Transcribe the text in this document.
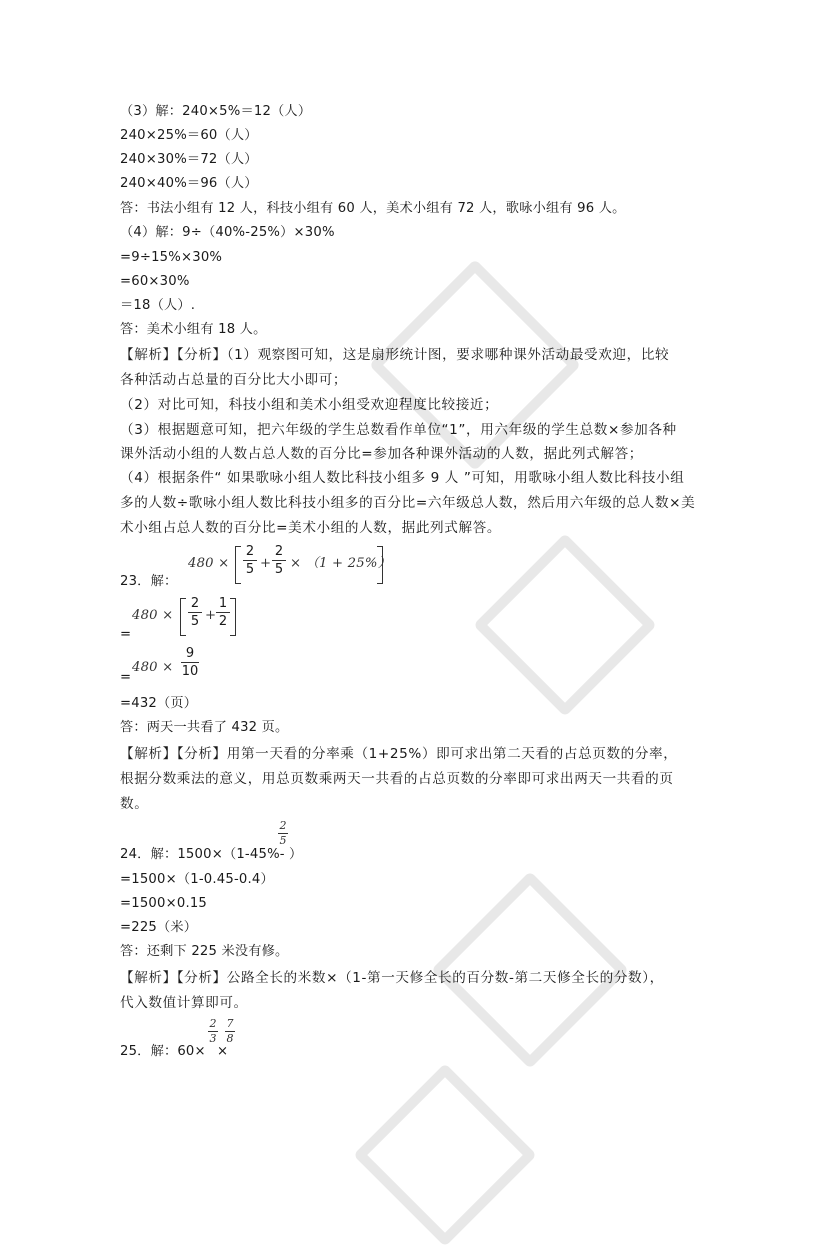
（3）解：240×5%＝12（人）
240×25%＝60（人）
240×30%＝72（人）
240×40%＝96（人）
答：书法小组有 12 人，科技小组有 60 人，美术小组有 72 人，歌咏小组有 96 人。
（4）解：9÷（40%-25%）×30%
=9÷15%×30%
=60×30%
＝18（人）.
答：美术小组有 18 人。
【解析】【分析】（1）观察图可知，这是扇形统计图，要求哪种课外活动最受欢迎，比较
各种活动占总量的百分比大小即可；
（2）对比可知，科技小组和美术小组受欢迎程度比较接近；
（3）根据题意可知，把六年级的学生总数看作单位“1”，用六年级的学生总数×参加各种
课外活动小组的人数占总人数的百分比=参加各种课外活动的人数，据此列式解答；
（4）根据条件“ 如果歌咏小组人数比科技小组多 9 人 ”可知，用歌咏小组人数比科技小组
多的人数÷歌咏小组人数比科技小组多的百分比=六年级总人数，然后用六年级的总人数×美
术小组占总人数的百分比=美术小组的人数，据此列式解答。
23．解：
480 ×
2
5 +
2
5 × （1 + 25%）
=
480 ×
2
5 +
1
2
=
480 ×
9
10
=432（页）
答：两天一共看了 432 页。
【解析】【分析】用第一天看的分率乘（1+25%）即可求出第二天看的占总页数的分率，
根据分数乘法的意义，用总页数乘两天一共看的占总页数的分率即可求出两天一共看的页
数。
24．解：1500×（1-45%-
2
5
）
=1500×（1-0.45-0.4）
=1500×0.15
=225（米）
答：还剩下 225 米没有修。
【解析】【分析】公路全长的米数×（1-第一天修全长的百分数-第二天修全长的分数），
代入数值计算即可。
25．解：60×
2
3
×
7
8
